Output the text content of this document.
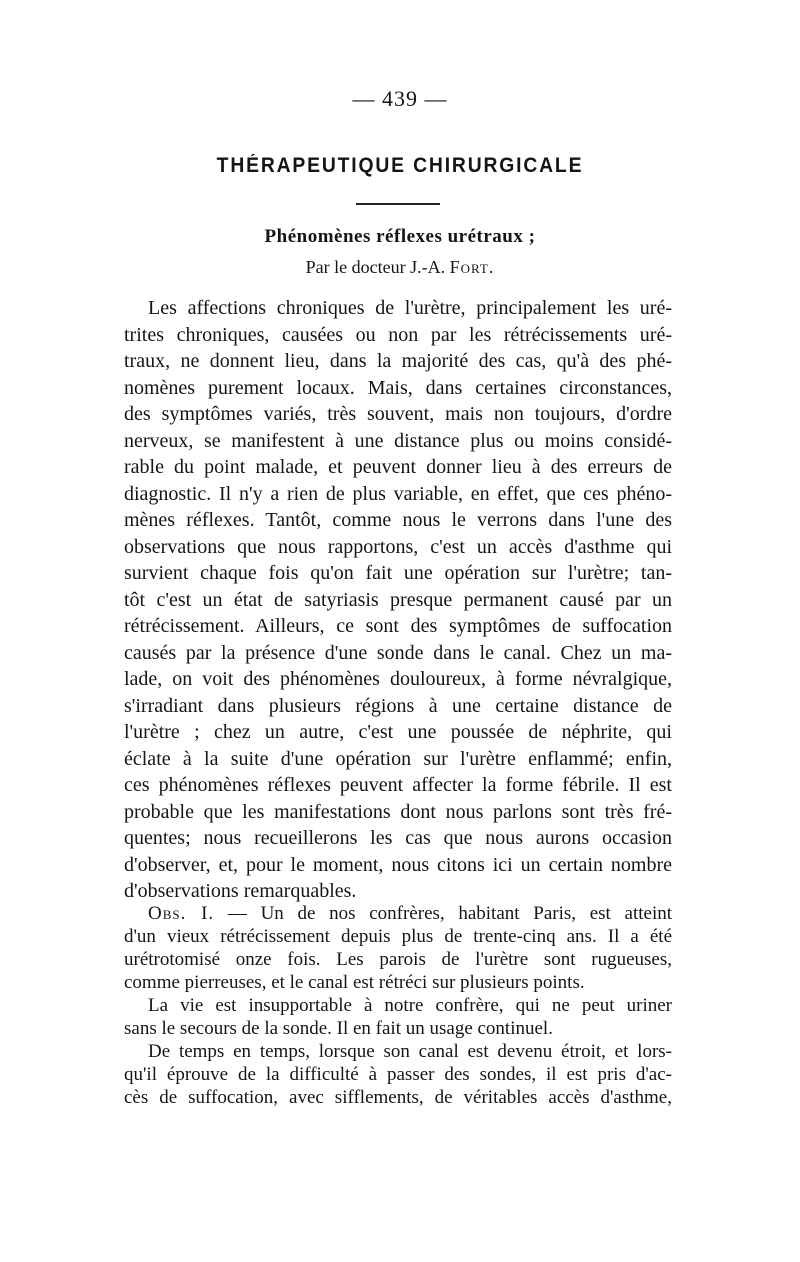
— 439 —
THÉRAPEUTIQUE CHIRURGICALE
Phénomènes réflexes urétraux ;
Par le docteur J.-A. Fort.
Les affections chroniques de l'urètre, principalement les uré-
trites chroniques, causées ou non par les rétrécissements uré-
traux, ne donnent lieu, dans la majorité des cas, qu'à des phé-
nomènes purement locaux. Mais, dans certaines circonstances,
des symptômes variés, très souvent, mais non toujours, d'ordre
nerveux, se manifestent à une distance plus ou moins considé-
rable du point malade, et peuvent donner lieu à des erreurs de
diagnostic. Il n'y a rien de plus variable, en effet, que ces phéno-
mènes réflexes. Tantôt, comme nous le verrons dans l'une des
observations que nous rapportons, c'est un accès d'asthme qui
survient chaque fois qu'on fait une opération sur l'urètre; tan-
tôt c'est un état de satyriasis presque permanent causé par un
rétrécissement. Ailleurs, ce sont des symptômes de suffocation
causés par la présence d'une sonde dans le canal. Chez un ma-
lade, on voit des phénomènes douloureux, à forme névralgique,
s'irradiant dans plusieurs régions à une certaine distance de
l'urètre ; chez un autre, c'est une poussée de néphrite, qui
éclate à la suite d'une opération sur l'urètre enflammé; enfin,
ces phénomènes réflexes peuvent affecter la forme fébrile. Il est
probable que les manifestations dont nous parlons sont très fré-
quentes; nous recueillerons les cas que nous aurons occasion
d'observer, et, pour le moment, nous citons ici un certain nombre
d'observations remarquables.
Obs. I. — Un de nos confrères, habitant Paris, est atteint
d'un vieux rétrécissement depuis plus de trente-cinq ans. Il a été
urétrotomisé onze fois. Les parois de l'urètre sont rugueuses,
comme pierreuses, et le canal est rétréci sur plusieurs points.
La vie est insupportable à notre confrère, qui ne peut uriner
sans le secours de la sonde. Il en fait un usage continuel.
De temps en temps, lorsque son canal est devenu étroit, et lors-
qu'il éprouve de la difficulté à passer des sondes, il est pris d'ac-
cès de suffocation, avec sifflements, de véritables accès d'asthme,
